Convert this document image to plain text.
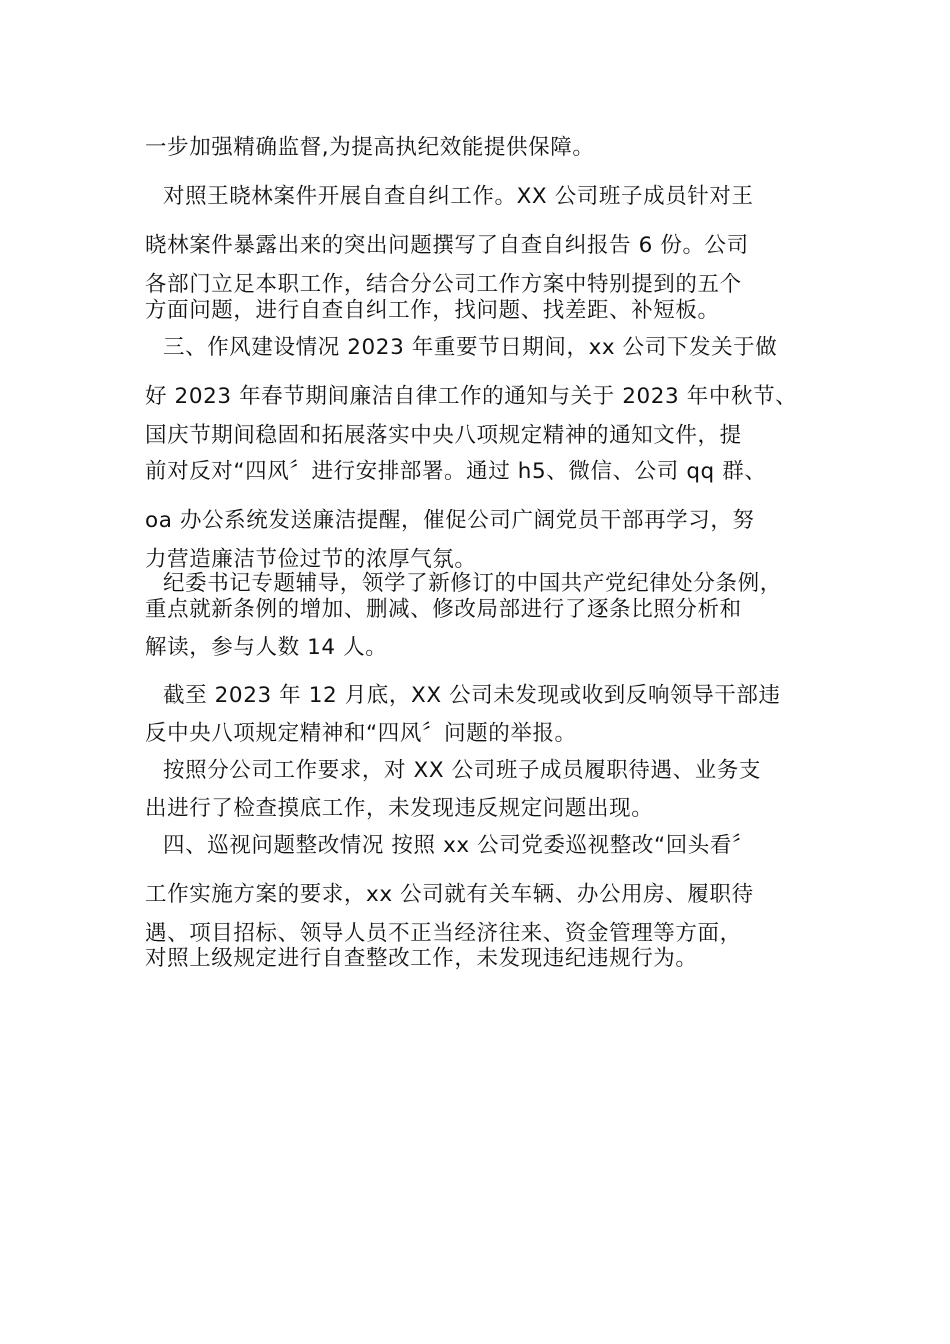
一步加强精确监督,为提高执纪效能提供保障。
对照王晓林案件开展自查自纠工作。XX 公司班子成员针对王
晓林案件暴露出来的突出问题撰写了自查自纠报告 6 份。公司
各部门立足本职工作，结合分公司工作方案中特别提到的五个
方面问题，进行自查自纠工作，找问题、找差距、补短板。
三、作风建设情况 2023 年重要节日期间，xx 公司下发关于做
好 2023 年春节期间廉洁自律工作的通知与关于 2023 年中秋节、
国庆节期间稳固和拓展落实中央八项规定精神的通知文件，提
前对反对“四风〞进行安排部署。通过 h5、微信、公司 qq 群、
oa 办公系统发送廉洁提醒，催促公司广阔党员干部再学习，努
力营造廉洁节俭过节的浓厚气氛。
纪委书记专题辅导，领学了新修订的中国共产党纪律处分条例，
重点就新条例的增加、删减、修改局部进行了逐条比照分析和
解读，参与人数 14 人。
截至 2023 年 12 月底，XX 公司未发现或收到反响领导干部违
反中央八项规定精神和“四风〞问题的举报。
按照分公司工作要求，对 XX 公司班子成员履职待遇、业务支
出进行了检查摸底工作，未发现违反规定问题出现。
四、巡视问题整改情况 按照 xx 公司党委巡视整改“回头看〞
工作实施方案的要求，xx 公司就有关车辆、办公用房、履职待
遇、项目招标、领导人员不正当经济往来、资金管理等方面，
对照上级规定进行自查整改工作，未发现违纪违规行为。
